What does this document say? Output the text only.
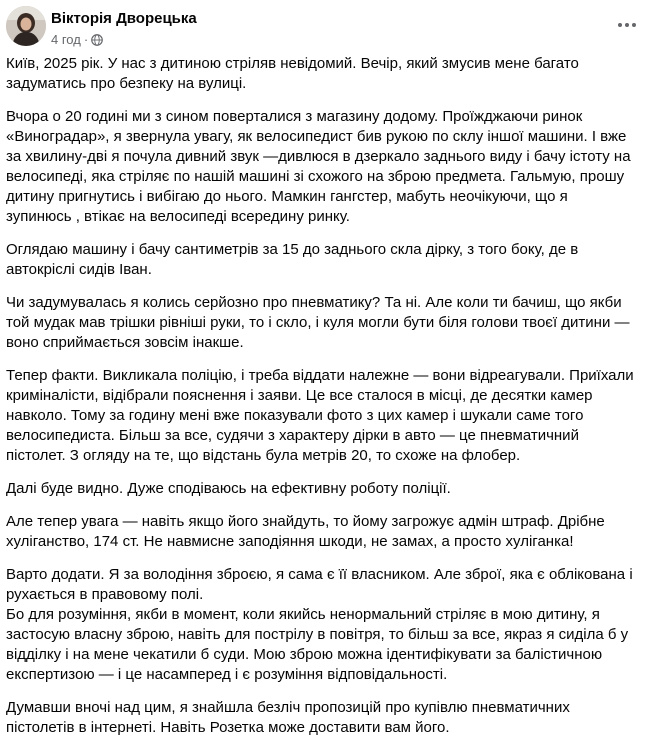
Вікторія Дворецька
4 год ·

Київ, 2025 рік. У нас з дитиною стріляв невідомий. Вечір, який змусив мене багато задуматись про безпеку на вулиці.

Вчора о 20 годині ми з сином поверталися з магазину додому. Проїжджаючи ринок «Виноградар», я звернула увагу, як велосипедист бив рукою по склу іншої машини. І вже за хвилину-дві я почула дивний звук —дивлюся в дзеркало заднього виду і бачу істоту на велосипеді, яка стріляє по нашій машині зі схожого на зброю предмета. Гальмую, прошу дитину пригнутись і вибігаю до нього. Мамкин гангстер, мабуть неочікуючи, що я зупинюсь , втікає на велосипеді всередину ринку.

Оглядаю машину і бачу сантиметрів за 15 до заднього скла дірку, з того боку, де в автокріслі сидів Іван.

Чи задумувалась я колись серйозно про пневматику? Та ні. Але коли ти бачиш, що якби той мудак мав трішки рівніші руки, то і скло, і куля могли бути біля голови твоєї дитини — воно сприймається зовсім інакше.

Тепер факти. Викликала поліцію, і треба віддати належне — вони відреагували. Приїхали криміналісти, відібрали пояснення і заяви. Це все сталося в місці, де десятки камер навколо. Тому за годину мені вже показували фото з цих камер і шукали саме того велосипедиста. Більш за все, судячи з характеру дірки в авто — це пневматичний пістолет. З огляду на те, що відстань була метрів 20, то схоже на флобер.

Далі буде видно. Дуже сподіваюсь на ефективну роботу поліції.

Але тепер увага — навіть якщо його знайдуть, то йому загрожує адмін штраф. Дрібне хуліганство, 174 ст. Не навмисне заподіяння шкоди, не замах, а просто хуліганка!

Варто додати. Я за володіння зброєю, я сама є її власником. Але зброї, яка є облікована і рухається в правовому полі.

Бо для розуміння, якби в момент, коли якийсь ненормальний стріляє в мою дитину, я застосую власну зброю, навіть для пострілу в повітря, то більш за все, якраз я сиділа б у відділку і на мене чекатили б суди. Мою зброю можна ідентифікувати за балістичною експертизою — і це насамперед і є розуміння відповідальності.

Думавши вночі над цим, я знайшла безліч пропозицій про купівлю пневматичних пістолетів в інтернеті. Навіть Розетка може доставити вам його.
